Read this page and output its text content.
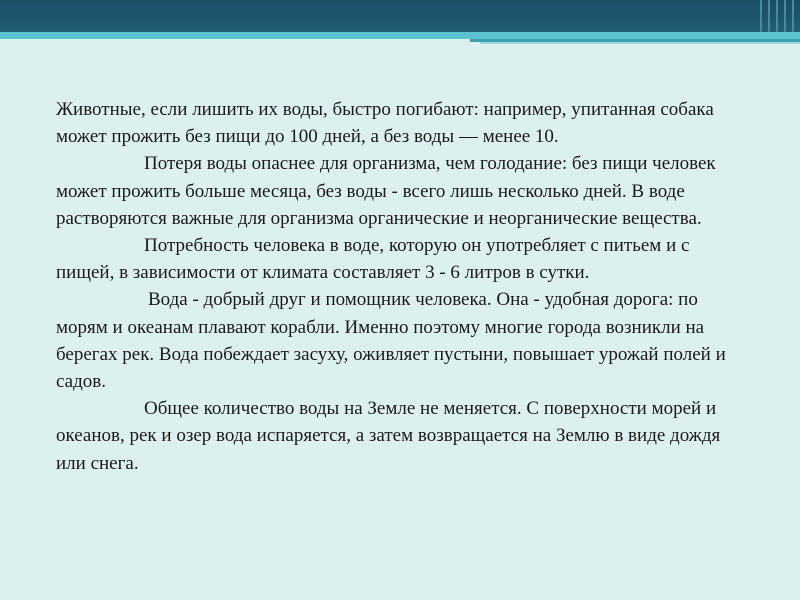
Животные, если лишить их воды, быстро погибают: например, упитанная собака может прожить без пищи до 100 дней, а без воды — менее 10.

Потеря воды опаснее для организма, чем голодание: без пищи человек может прожить больше месяца, без воды - всего лишь несколько дней. В воде растворяются важные для организма органические и неорганические вещества.

Потребность человека в воде, которую он употребляет с питьем и с пищей, в зависимости от климата составляет 3 - 6 литров в сутки.

Вода - добрый друг и помощник человека. Она - удобная дорога: по морям и океанам плавают корабли. Именно поэтому многие города возникли на берегах рек. Вода побеждает засуху, оживляет пустыни, повышает урожай полей и садов.

Общее количество воды на Земле не меняется. С поверхности морей и океанов, рек и озер вода испаряется, а затем возвращается на Землю в виде дождя или снега.
